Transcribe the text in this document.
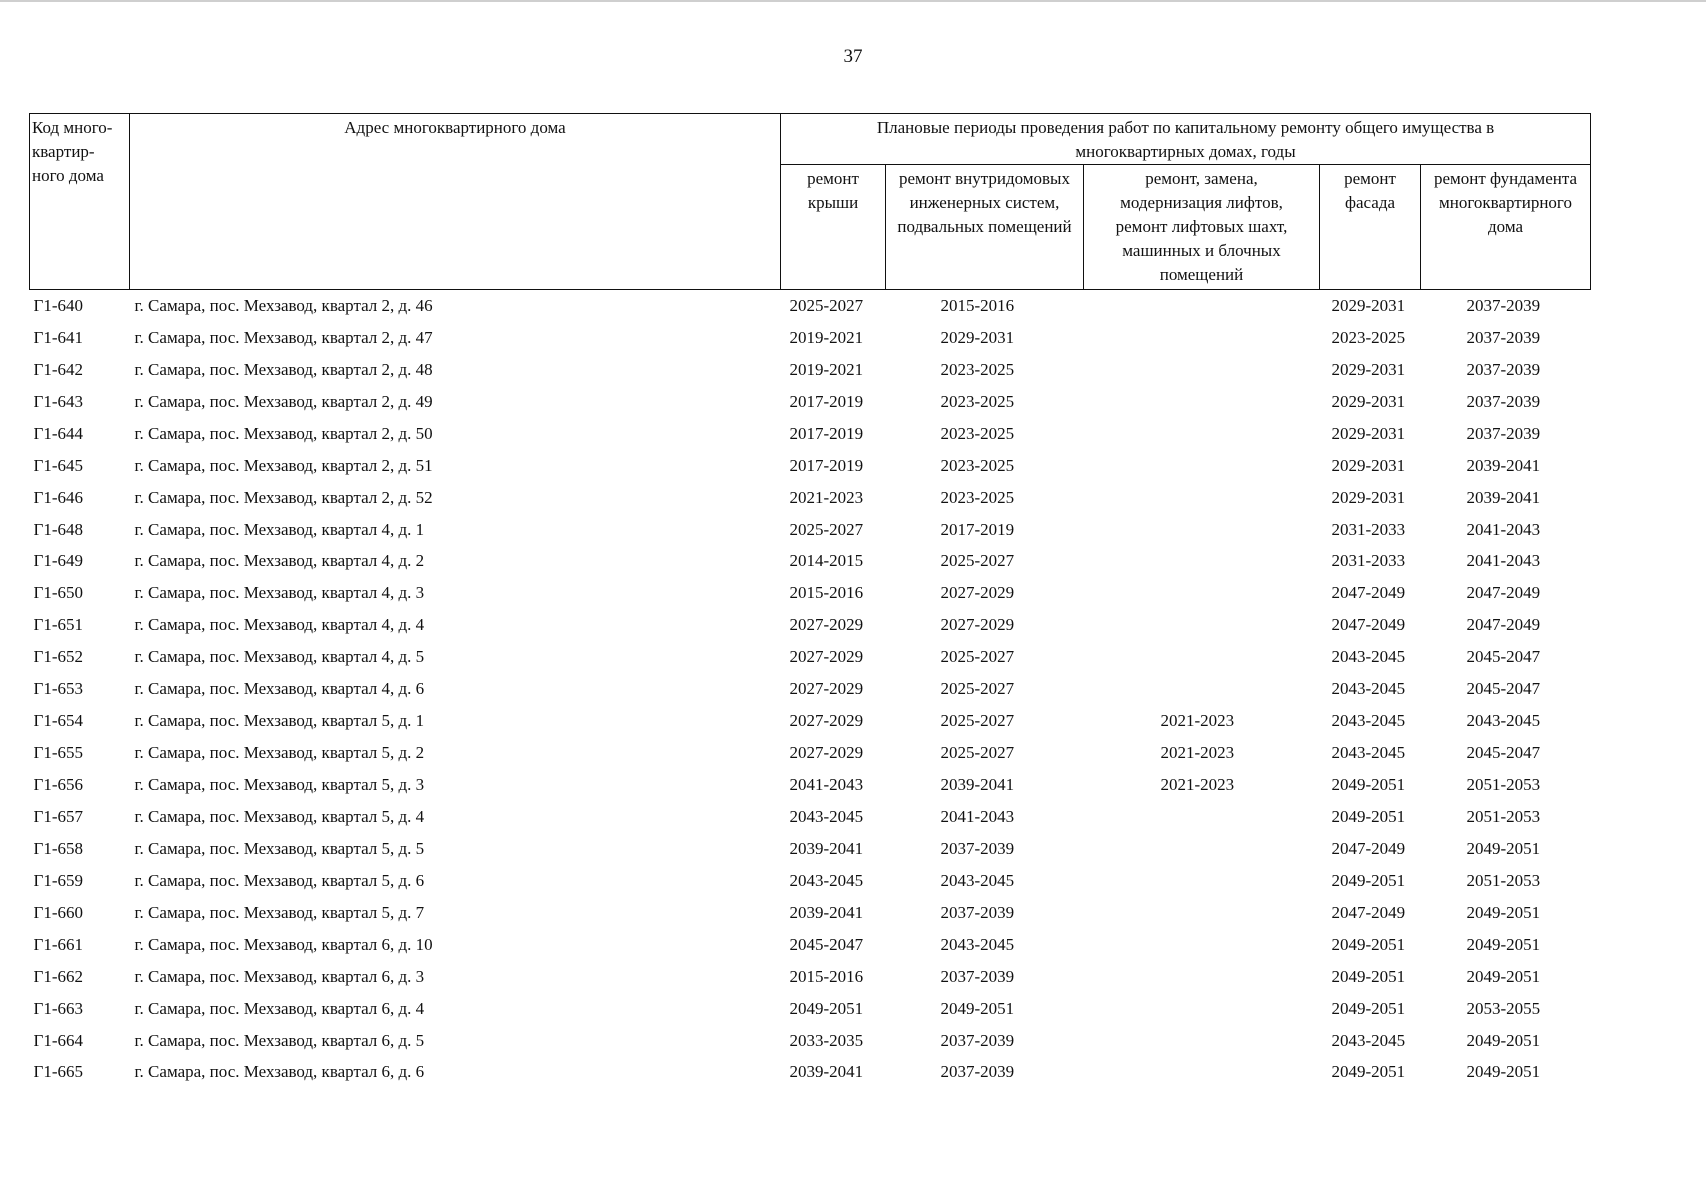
37
Код много-
квартир-
ного дома	Адрес многоквартирного дома	Плановые периоды проведения работ по капитальному ремонту общего имущества в многоквартирных домах, годы				
		ремонт крыши	ремонт внутридомовых инженерных систем, подвальных помещений	ремонт, замена, модернизация лифтов, ремонт лифтовых шахт, машинных и блочных помещений	ремонт фасада	ремонт фундамента многоквартирного дома
Г1-640	г. Самара, пос. Мехзавод, квартал 2, д. 46	2025-2027	2015-2016		2029-2031	2037-2039
Г1-641	г. Самара, пос. Мехзавод, квартал 2, д. 47	2019-2021	2029-2031		2023-2025	2037-2039
Г1-642	г. Самара, пос. Мехзавод, квартал 2, д. 48	2019-2021	2023-2025		2029-2031	2037-2039
Г1-643	г. Самара, пос. Мехзавод, квартал 2, д. 49	2017-2019	2023-2025		2029-2031	2037-2039
Г1-644	г. Самара, пос. Мехзавод, квартал 2, д. 50	2017-2019	2023-2025		2029-2031	2037-2039
Г1-645	г. Самара, пос. Мехзавод, квартал 2, д. 51	2017-2019	2023-2025		2029-2031	2039-2041
Г1-646	г. Самара, пос. Мехзавод, квартал 2, д. 52	2021-2023	2023-2025		2029-2031	2039-2041
Г1-648	г. Самара, пос. Мехзавод, квартал 4, д. 1	2025-2027	2017-2019		2031-2033	2041-2043
Г1-649	г. Самара, пос. Мехзавод, квартал 4, д. 2	2014-2015	2025-2027		2031-2033	2041-2043
Г1-650	г. Самара, пос. Мехзавод, квартал 4, д. 3	2015-2016	2027-2029		2047-2049	2047-2049
Г1-651	г. Самара, пос. Мехзавод, квартал 4, д. 4	2027-2029	2027-2029		2047-2049	2047-2049
Г1-652	г. Самара, пос. Мехзавод, квартал 4, д. 5	2027-2029	2025-2027		2043-2045	2045-2047
Г1-653	г. Самара, пос. Мехзавод, квартал 4, д. 6	2027-2029	2025-2027		2043-2045	2045-2047
Г1-654	г. Самара, пос. Мехзавод, квартал 5, д. 1	2027-2029	2025-2027	2021-2023	2043-2045	2043-2045
Г1-655	г. Самара, пос. Мехзавод, квартал 5, д. 2	2027-2029	2025-2027	2021-2023	2043-2045	2045-2047
Г1-656	г. Самара, пос. Мехзавод, квартал 5, д. 3	2041-2043	2039-2041	2021-2023	2049-2051	2051-2053
Г1-657	г. Самара, пос. Мехзавод, квартал 5, д. 4	2043-2045	2041-2043		2049-2051	2051-2053
Г1-658	г. Самара, пос. Мехзавод, квартал 5, д. 5	2039-2041	2037-2039		2047-2049	2049-2051
Г1-659	г. Самара, пос. Мехзавод, квартал 5, д. 6	2043-2045	2043-2045		2049-2051	2051-2053
Г1-660	г. Самара, пос. Мехзавод, квартал 5, д. 7	2039-2041	2037-2039		2047-2049	2049-2051
Г1-661	г. Самара, пос. Мехзавод, квартал 6, д. 10	2045-2047	2043-2045		2049-2051	2049-2051
Г1-662	г. Самара, пос. Мехзавод, квартал 6, д. 3	2015-2016	2037-2039		2049-2051	2049-2051
Г1-663	г. Самара, пос. Мехзавод, квартал 6, д. 4	2049-2051	2049-2051		2049-2051	2053-2055
Г1-664	г. Самара, пос. Мехзавод, квартал 6, д. 5	2033-2035	2037-2039		2043-2045	2049-2051
Г1-665	г. Самара, пос. Мехзавод, квартал 6, д. 6	2039-2041	2037-2039		2049-2051	2049-2051
